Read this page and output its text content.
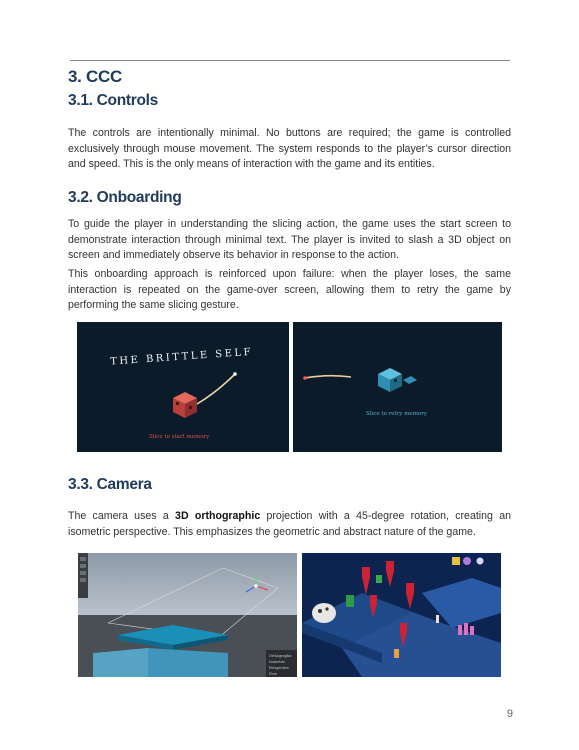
3. CCC
3.1. Controls
The controls are intentionally minimal. No buttons are required; the game is controlled exclusively through mouse movement. The system responds to the player’s cursor direction and speed. This is the only means of interaction with the game and its entities.
3.2. Onboarding
To guide the player in understanding the slicing action, the game uses the start screen to demonstrate interaction through minimal text. The player is invited to slash a 3D object on screen and immediately observe its behavior in response to the action.
This onboarding approach is reinforced upon failure: when the player loses, the same interaction is repeated on the game-over screen, allowing them to retry the game by performing the same slicing gesture.
THE BRITTLE SELF
Slice to start memory
Slice to retry memory
3.3. Camera
The camera uses a 3D orthographic projection with a 45-degree rotation, creating an isometric perspective. This emphasizes the geometric and abstract nature of the game.
Orthographic
Isometric
Perspective
Free
9
